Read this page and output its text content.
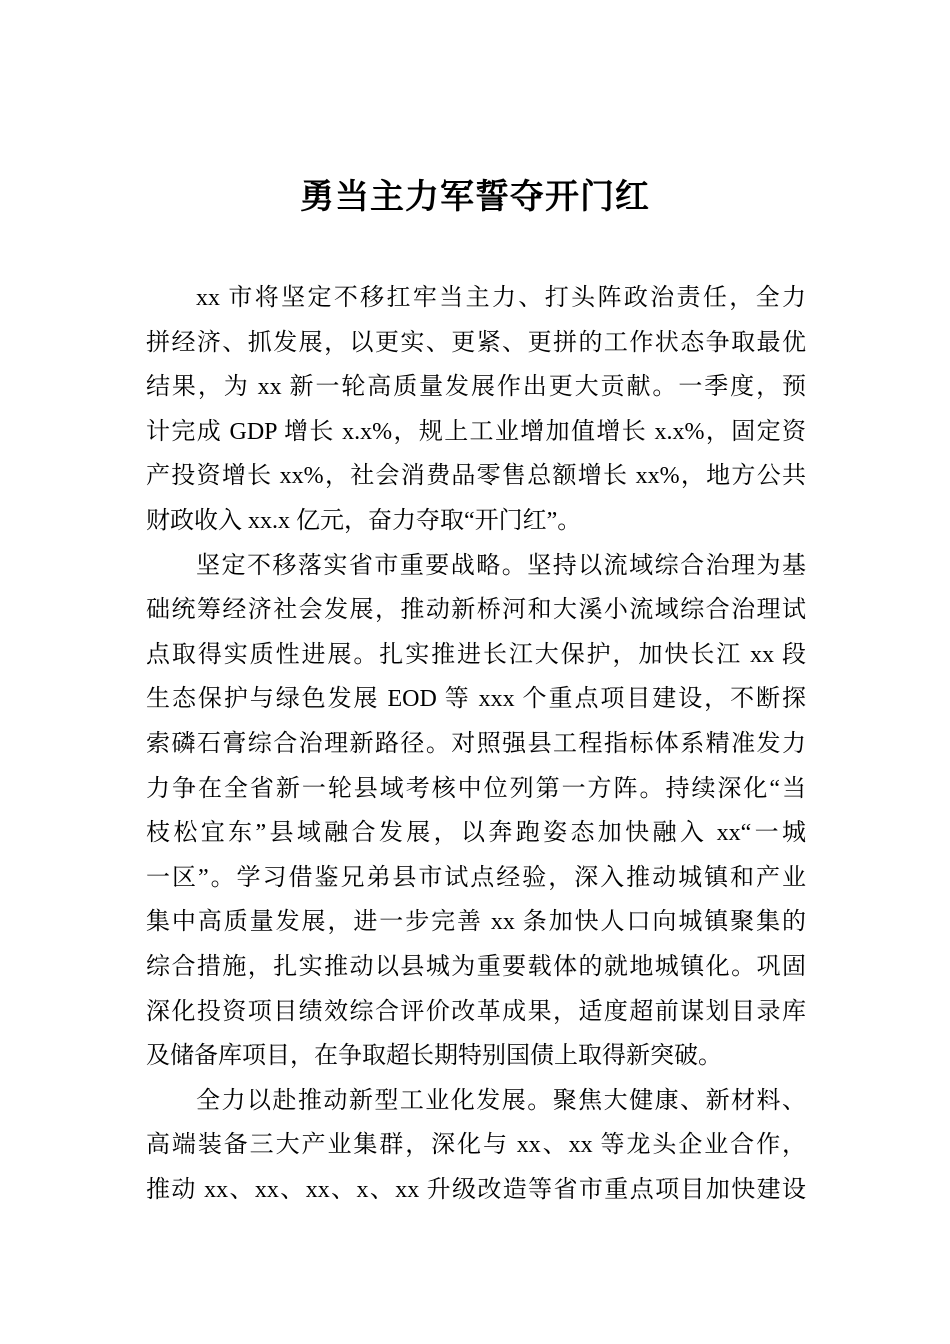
勇当主力军誓夺开门红
xx 市将坚定不移扛牢当主力、打头阵政治责任，全力
拼经济、抓发展，以更实、更紧、更拼的工作状态争取最优
结果，为 xx 新一轮高质量发展作出更大贡献。一季度，预
计完成 GDP 增长 x.x%，规上工业增加值增长 x.x%，固定资
产投资增长 xx%，社会消费品零售总额增长 xx%，地方公共
财政收入 xx.x 亿元，奋力夺取“开门红”。
坚定不移落实省市重要战略。坚持以流域综合治理为基
础统筹经济社会发展，推动新桥河和大溪小流域综合治理试
点取得实质性进展。扎实推进长江大保护，加快长江 xx 段
生态保护与绿色发展 EOD 等 xxx 个重点项目建设，不断探
索磷石膏综合治理新路径。对照强县工程指标体系精准发力
力争在全省新一轮县域考核中位列第一方阵。持续深化“当
枝松宜东”县域融合发展，以奔跑姿态加快融入 xx“一城
一区”。学习借鉴兄弟县市试点经验，深入推动城镇和产业
集中高质量发展，进一步完善 xx 条加快人口向城镇聚集的
综合措施，扎实推动以县城为重要载体的就地城镇化。巩固
深化投资项目绩效综合评价改革成果，适度超前谋划目录库
及储备库项目，在争取超长期特别国债上取得新突破。
全力以赴推动新型工业化发展。聚焦大健康、新材料、
高端装备三大产业集群，深化与 xx、xx 等龙头企业合作，
推动 xx、xx、xx、x、xx 升级改造等省市重点项目加快建设
